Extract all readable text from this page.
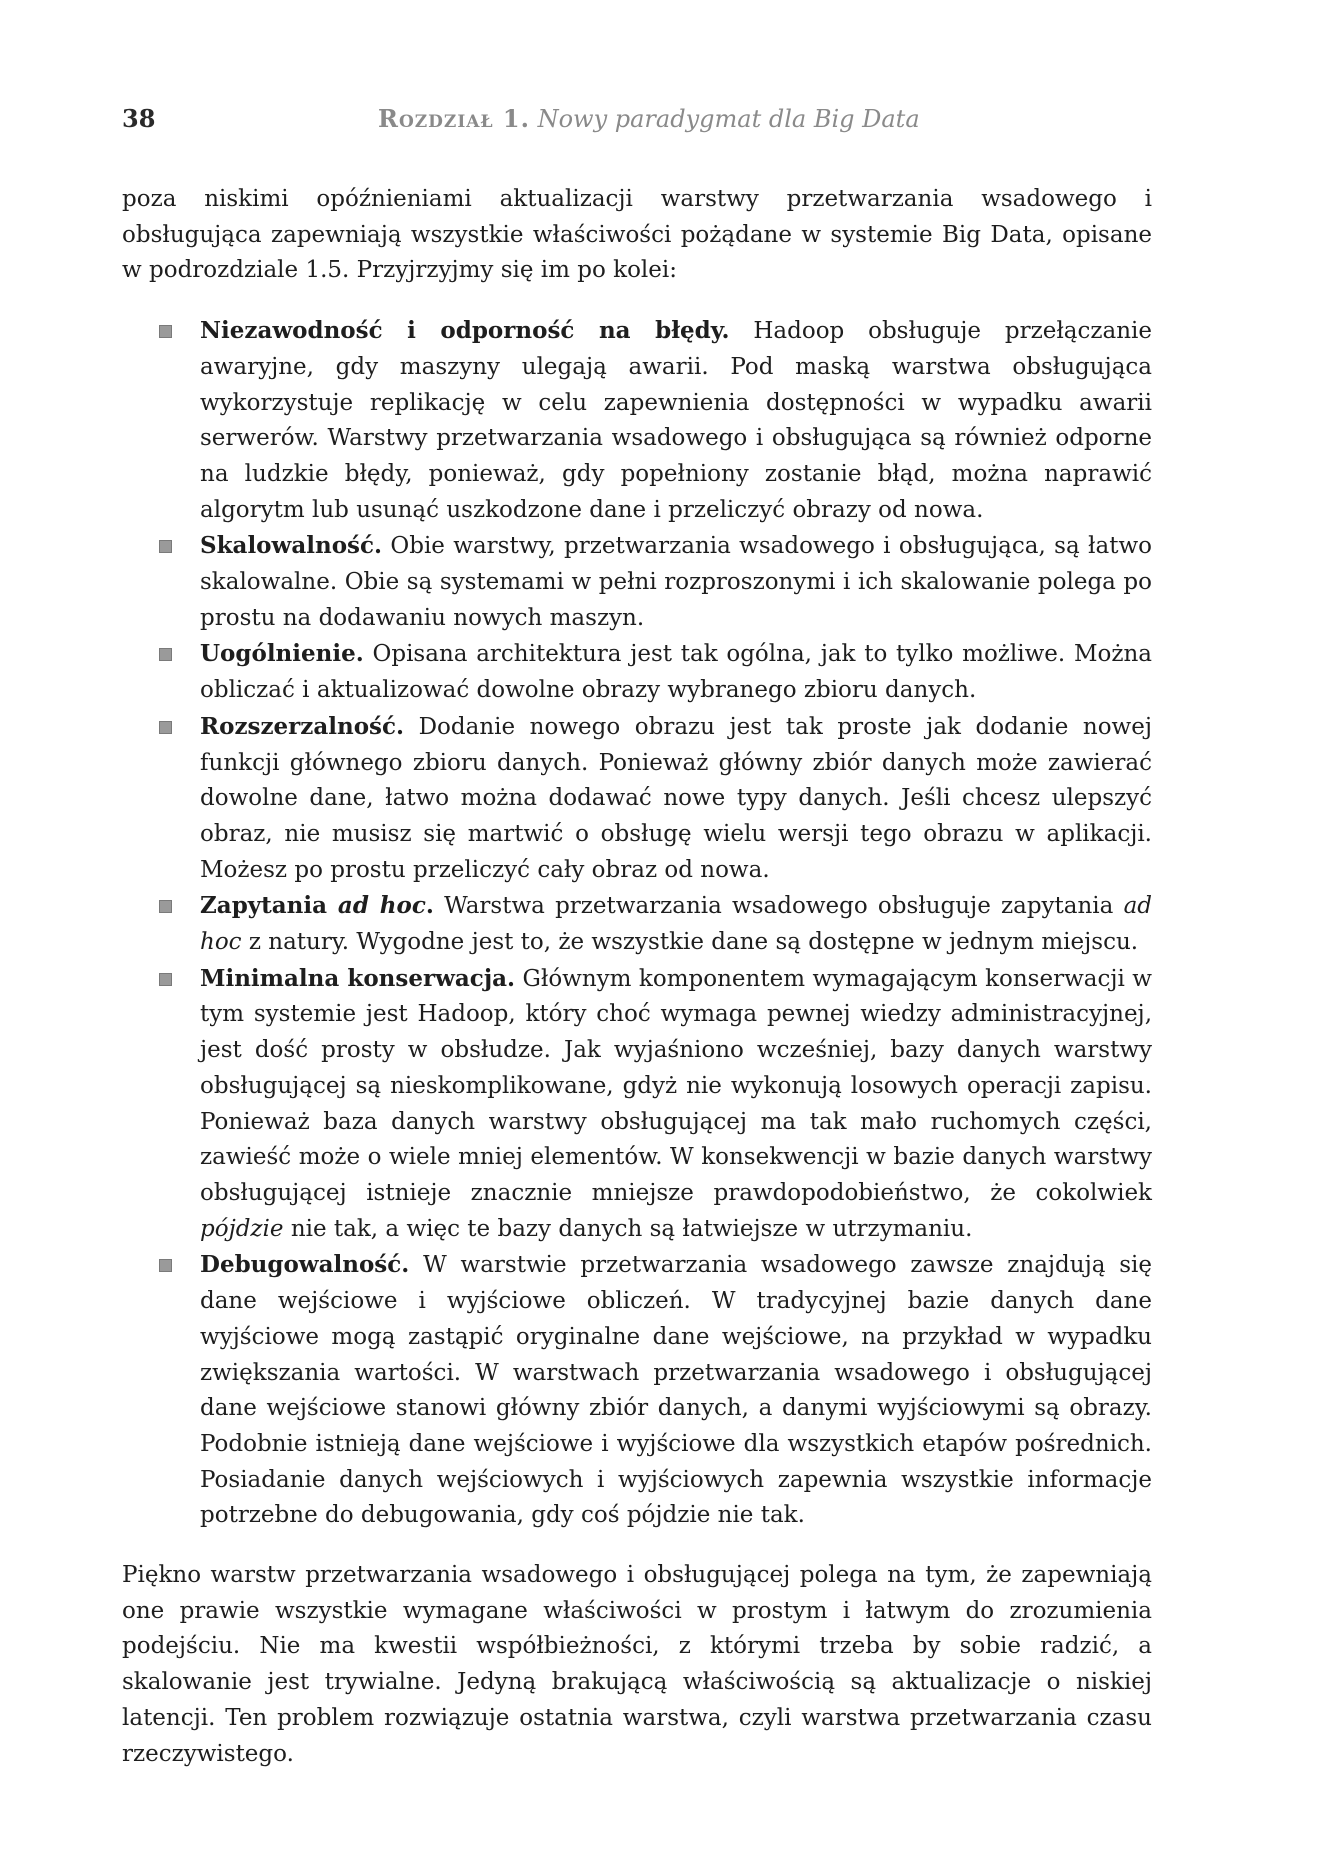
38	Rozdział 1. Nowy paradygmat dla Big Data

poza niskimi opóźnieniami aktualizacji warstwy przetwarzania wsadowego i obsługująca zapewniają wszystkie właściwości pożądane w systemie Big Data, opisane w podrozdziale 1.5. Przyjrzyjmy się im po kolei:

Niezawodność i odporność na błędy. Hadoop obsługuje przełączanie awaryjne, gdy maszyny ulegają awarii. Pod maską warstwa obsługująca wykorzystuje replikację w celu zapewnienia dostępności w wypadku awarii serwerów. Warstwy przetwarzania wsadowego i obsługująca są również odporne na ludzkie błędy, ponieważ, gdy popełniony zostanie błąd, można naprawić algorytm lub usunąć uszkodzone dane i przeliczyć obrazy od nowa.
Skalowalność. Obie warstwy, przetwarzania wsadowego i obsługująca, są łatwo skalowalne. Obie są systemami w pełni rozproszonymi i ich skalowanie polega po prostu na dodawaniu nowych maszyn.
Uogólnienie. Opisana architektura jest tak ogólna, jak to tylko możliwe. Można obliczać i aktualizować dowolne obrazy wybranego zbioru danych.
Rozszerzalność. Dodanie nowego obrazu jest tak proste jak dodanie nowej funkcji głównego zbioru danych. Ponieważ główny zbiór danych może zawierać dowolne dane, łatwo można dodawać nowe typy danych. Jeśli chcesz ulepszyć obraz, nie musisz się martwić o obsługę wielu wersji tego obrazu w aplikacji. Możesz po prostu przeliczyć cały obraz od nowa.
Zapytania ad hoc. Warstwa przetwarzania wsadowego obsługuje zapytania ad hoc z natury. Wygodne jest to, że wszystkie dane są dostępne w jednym miejscu.
Minimalna konserwacja. Głównym komponentem wymagającym konserwacji w tym systemie jest Hadoop, który choć wymaga pewnej wiedzy administracyjnej, jest dość prosty w obsłudze. Jak wyjaśniono wcześniej, bazy danych warstwy obsługującej są nieskomplikowane, gdyż nie wykonują losowych operacji zapisu. Ponieważ baza danych warstwy obsługującej ma tak mało ruchomych części, zawieść może o wiele mniej elementów. W konsekwencji w bazie danych warstwy obsługującej istnieje znacznie mniejsze prawdopodobieństwo, że cokolwiek pójdzie nie tak, a więc te bazy danych są łatwiejsze w utrzymaniu.
Debugowalność. W warstwie przetwarzania wsadowego zawsze znajdują się dane wejściowe i wyjściowe obliczeń. W tradycyjnej bazie danych dane wyjściowe mogą zastąpić oryginalne dane wejściowe, na przykład w wypadku zwiększania wartości. W warstwach przetwarzania wsadowego i obsługującej dane wejściowe stanowi główny zbiór danych, a danymi wyjściowymi są obrazy. Podobnie istnieją dane wejściowe i wyjściowe dla wszystkich etapów pośrednich. Posiadanie danych wejściowych i wyjściowych zapewnia wszystkie informacje potrzebne do debugowania, gdy coś pójdzie nie tak.

Piękno warstw przetwarzania wsadowego i obsługującej polega na tym, że zapewniają one prawie wszystkie wymagane właściwości w prostym i łatwym do zrozumienia podejściu. Nie ma kwestii współbieżności, z którymi trzeba by sobie radzić, a skalowanie jest trywialne. Jedyną brakującą właściwością są aktualizacje o niskiej latencji. Ten problem rozwiązuje ostatnia warstwa, czyli warstwa przetwarzania czasu rzeczywistego.
